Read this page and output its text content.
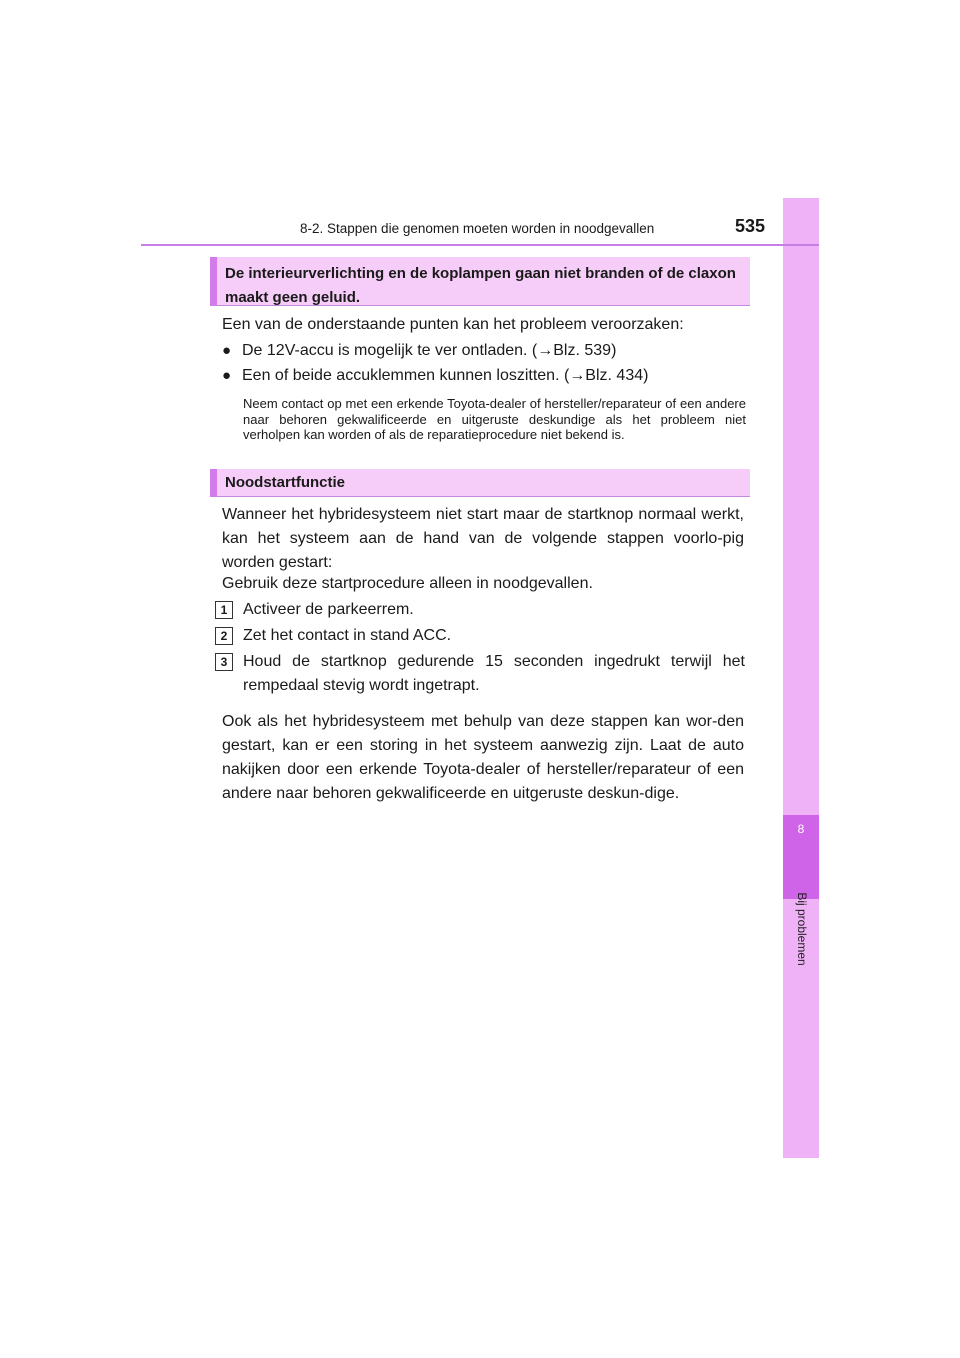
8
Bij problemen
8-2. Stappen die genomen moeten worden in noodgevallen	535
De interieurverlichting en de koplampen gaan niet branden of de claxon maakt geen geluid.

Een van de onderstaande punten kan het probleem veroorzaken:

● De 12V-accu is mogelijk te ver ontladen. (→Blz. 539)
● Een of beide accuklemmen kunnen loszitten. (→Blz. 434)

Neem contact op met een erkende Toyota-dealer of hersteller/reparateur of een andere naar behoren gekwalificeerde en uitgeruste deskundige als het probleem niet verholpen kan worden of als de reparatieprocedure niet bekend is.

Noodstartfunctie

Wanneer het hybridesysteem niet start maar de startknop normaal werkt, kan het systeem aan de hand van de volgende stappen voorlo-pig worden gestart:

Gebruik deze startprocedure alleen in noodgevallen.

1 Activeer de parkeerrem.

2 Zet het contact in stand ACC.

3 Houd de startknop gedurende 15 seconden ingedrukt terwijl het rempedaal stevig wordt ingetrapt.

Ook als het hybridesysteem met behulp van deze stappen kan wor-den gestart, kan er een storing in het systeem aanwezig zijn. Laat de auto nakijken door een erkende Toyota-dealer of hersteller/reparateur of een andere naar behoren gekwalificeerde en uitgeruste deskun-dige.
